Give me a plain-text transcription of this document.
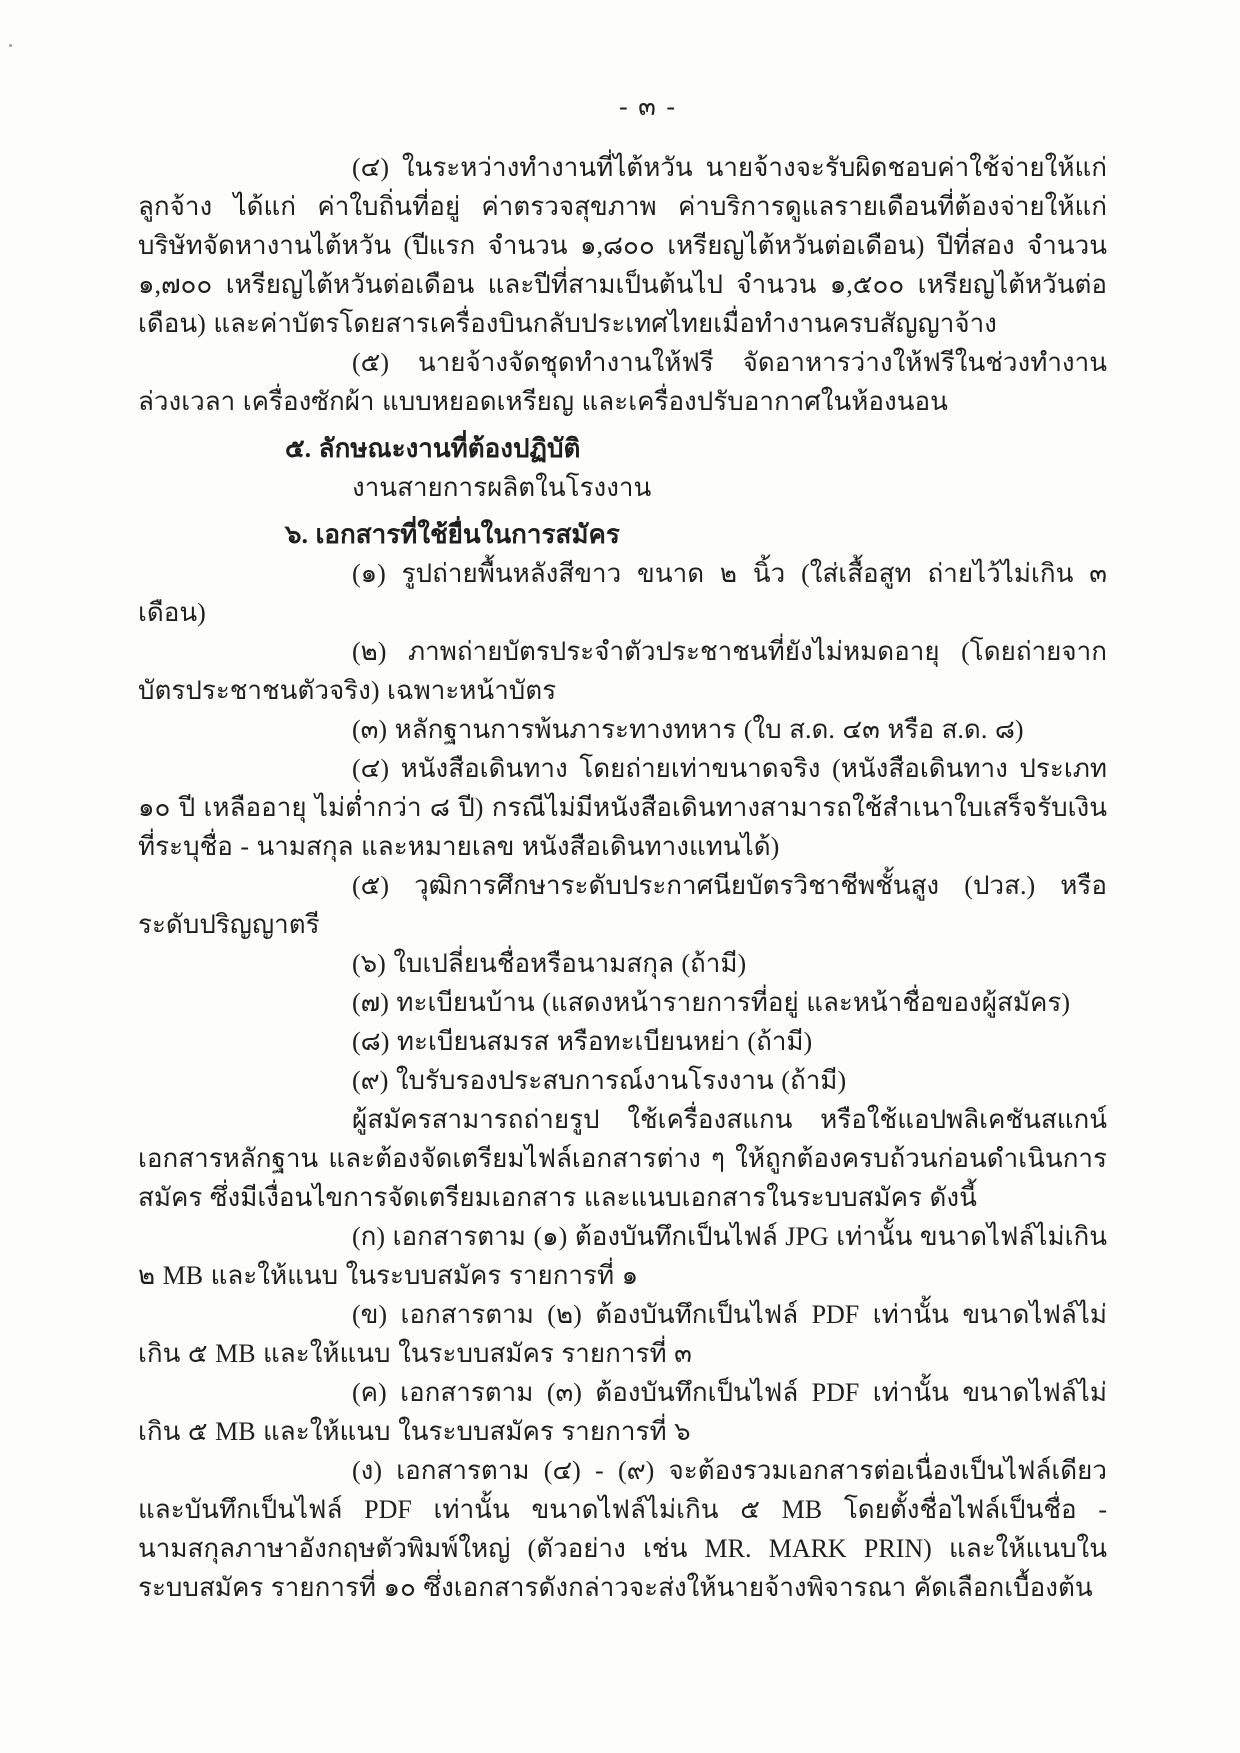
- ๓ -
(๔) ในระหว่างทำงานที่ไต้หวัน นายจ้างจะรับผิดชอบค่าใช้จ่ายให้แก่ลูกจ้าง ได้แก่ ค่าใบถิ่นที่อยู่ ค่าตรวจสุขภาพ ค่าบริการดูแลรายเดือนที่ต้องจ่ายให้แก่บริษัทจัดหางานไต้หวัน (ปีแรก จำนวน ๑,๘๐๐ เหรียญไต้หวันต่อเดือน) ปีที่สอง จำนวน ๑,๗๐๐ เหรียญไต้หวันต่อเดือน และปีที่สามเป็นต้นไป จำนวน ๑,๕๐๐ เหรียญไต้หวันต่อเดือน) และค่าบัตรโดยสารเครื่องบินกลับประเทศไทยเมื่อทำงานครบสัญญาจ้าง
(๕) นายจ้างจัดชุดทำงานให้ฟรี จัดอาหารว่างให้ฟรีในช่วงทำงานล่วงเวลา เครื่องซักผ้า แบบหยอดเหรียญ และเครื่องปรับอากาศในห้องนอน
๕. ลักษณะงานที่ต้องปฏิบัติ
งานสายการผลิตในโรงงาน
๖. เอกสารที่ใช้ยื่นในการสมัคร
(๑) รูปถ่ายพื้นหลังสีขาว ขนาด ๒ นิ้ว (ใส่เสื้อสูท ถ่ายไว้ไม่เกิน ๓ เดือน)
(๒) ภาพถ่ายบัตรประจำตัวประชาชนที่ยังไม่หมดอายุ (โดยถ่ายจากบัตรประชาชนตัวจริง) เฉพาะหน้าบัตร
(๓) หลักฐานการพ้นภาระทางทหาร (ใบ ส.ด. ๔๓ หรือ ส.ด. ๘)
(๔) หนังสือเดินทาง โดยถ่ายเท่าขนาดจริง (หนังสือเดินทาง ประเภท ๑๐ ปี เหลืออายุ ไม่ต่ำกว่า ๘ ปี) กรณีไม่มีหนังสือเดินทางสามารถใช้สำเนาใบเสร็จรับเงินที่ระบุชื่อ - นามสกุล และหมายเลข หนังสือเดินทางแทนได้)
(๕) วุฒิการศึกษาระดับประกาศนียบัตรวิชาชีพชั้นสูง (ปวส.) หรือระดับปริญญาตรี
(๖) ใบเปลี่ยนชื่อหรือนามสกุล (ถ้ามี)
(๗) ทะเบียนบ้าน (แสดงหน้ารายการที่อยู่ และหน้าชื่อของผู้สมัคร)
(๘) ทะเบียนสมรส หรือทะเบียนหย่า (ถ้ามี)
(๙) ใบรับรองประสบการณ์งานโรงงาน (ถ้ามี)
ผู้สมัครสามารถถ่ายรูป ใช้เครื่องสแกน หรือใช้แอปพลิเคชันสแกน์เอกสารหลักฐาน และต้องจัดเตรียมไฟล์เอกสารต่าง ๆ ให้ถูกต้องครบถ้วนก่อนดำเนินการสมัคร ซึ่งมีเงื่อนไขการจัดเตรียมเอกสาร และแนบเอกสารในระบบสมัคร ดังนี้
(ก) เอกสารตาม (๑) ต้องบันทึกเป็นไฟล์ JPG เท่านั้น ขนาดไฟล์ไม่เกิน ๒ MB และให้แนบ ในระบบสมัคร รายการที่ ๑
(ข) เอกสารตาม (๒) ต้องบันทึกเป็นไฟล์ PDF เท่านั้น ขนาดไฟล์ไม่เกิน ๕ MB และให้แนบ ในระบบสมัคร รายการที่ ๓
(ค) เอกสารตาม (๓) ต้องบันทึกเป็นไฟล์ PDF เท่านั้น ขนาดไฟล์ไม่เกิน ๕ MB และให้แนบ ในระบบสมัคร รายการที่ ๖
(ง) เอกสารตาม (๔) - (๙) จะต้องรวมเอกสารต่อเนื่องเป็นไฟล์เดียว และบันทึกเป็นไฟล์ PDF เท่านั้น ขนาดไฟล์ไม่เกิน ๕ MB โดยตั้งชื่อไฟล์เป็นชื่อ - นามสกุลภาษาอังกฤษตัวพิมพ์ใหญ่ (ตัวอย่าง เช่น MR. MARK PRIN) และให้แนบในระบบสมัคร รายการที่ ๑๐ ซึ่งเอกสารดังกล่าวจะส่งให้นายจ้างพิจารณา คัดเลือกเบื้องต้น
